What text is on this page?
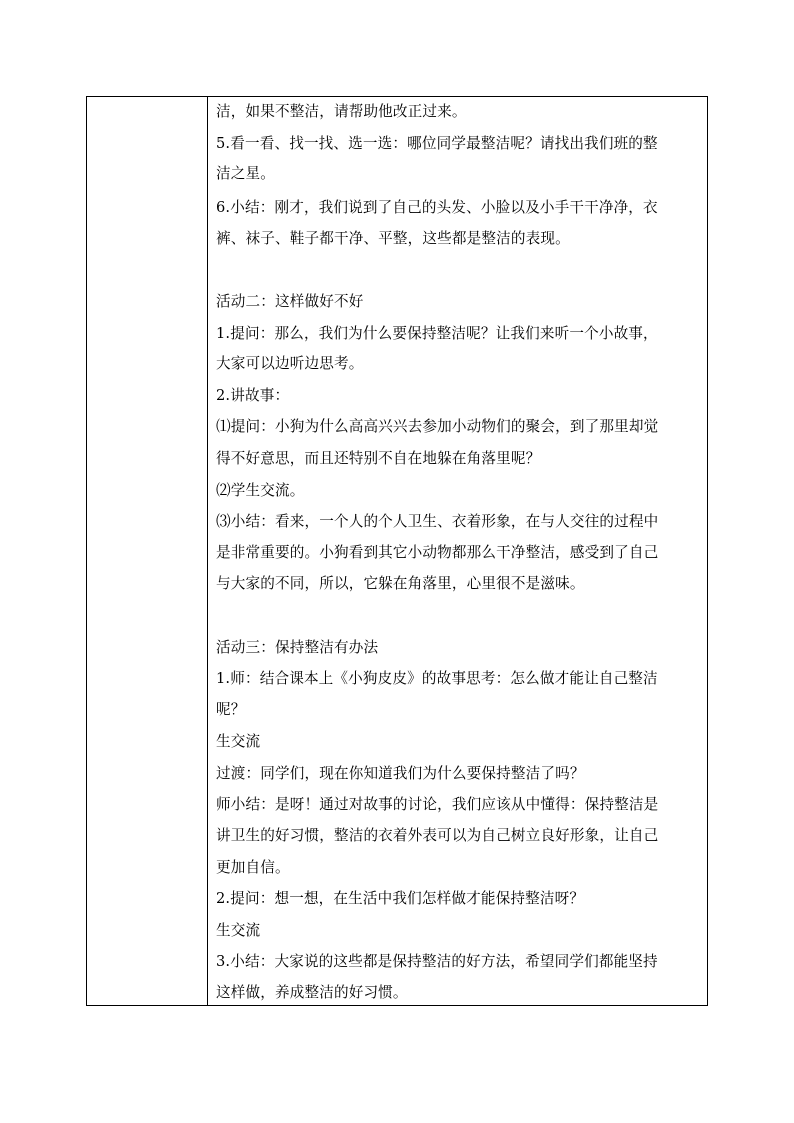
洁，如果不整洁，请帮助他改正过来。
5.看一看、找一找、选一选：哪位同学最整洁呢？请找出我们班的整
洁之星。
6.小结：刚才，我们说到了自己的头发、小脸以及小手干干净净，衣
裤、袜子、鞋子都干净、平整，这些都是整洁的表现。
活动二：这样做好不好
1.提问：那么，我们为什么要保持整洁呢？让我们来听一个小故事，
大家可以边听边思考。
2.讲故事：
⑴提问：小狗为什么高高兴兴去参加小动物们的聚会，到了那里却觉
得不好意思，而且还特别不自在地躲在角落里呢？
⑵学生交流。
⑶小结：看来，一个人的个人卫生、衣着形象，在与人交往的过程中
是非常重要的。小狗看到其它小动物都那么干净整洁，感受到了自己
与大家的不同，所以，它躲在角落里，心里很不是滋味。
活动三：保持整洁有办法
1.师：结合课本上《小狗皮皮》的故事思考：怎么做才能让自己整洁
呢？
生交流
过渡：同学们，现在你知道我们为什么要保持整洁了吗？
师小结：是呀！通过对故事的讨论，我们应该从中懂得：保持整洁是
讲卫生的好习惯，整洁的衣着外表可以为自己树立良好形象，让自己
更加自信。
2.提问：想一想，在生活中我们怎样做才能保持整洁呀？
生交流
3.小结：大家说的这些都是保持整洁的好方法，希望同学们都能坚持
这样做，养成整洁的好习惯。
